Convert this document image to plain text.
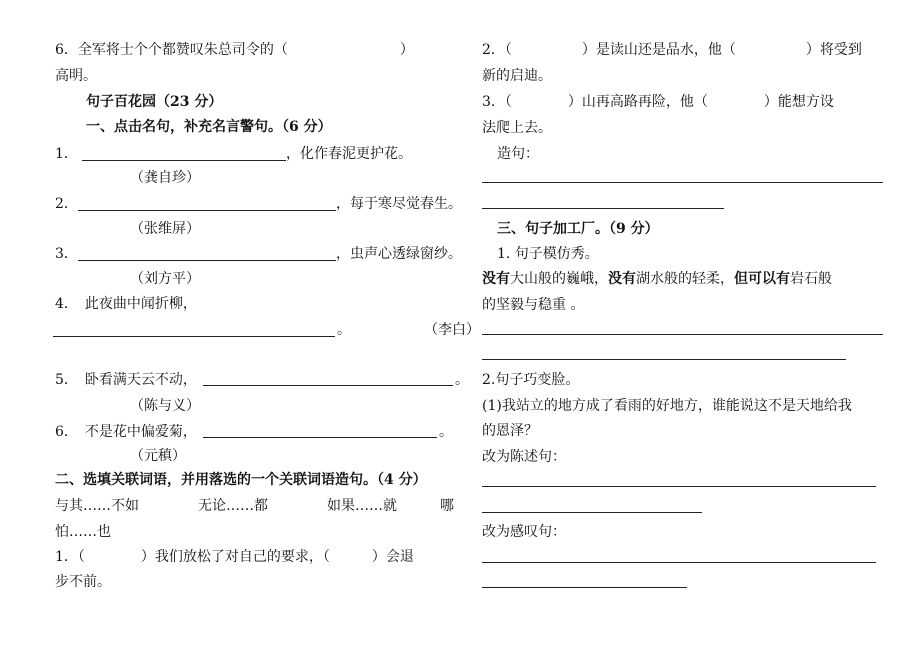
6．全军将士个个都赞叹朱总司令的（　　　　　　　　）
高明。
句子百花园（23 分）
一、点击名句，补充名言警句。（6 分）
1．	，化作春泥更护花。
（龚自珍）
2．	，每于寒尽觉春生。
（张维屏）
3．	，虫声心透绿窗纱。
（刘方平）
4．　此夜曲中闻折柳，
。	（李白）
5．　卧看满天云不动，	。
（陈与义）
6．　不是花中偏爱菊，	。
（元稹）
二、选填关联词语，并用落选的一个关联词语造句。（4 分）
与其……不如	无论……都	如果……就	哪
怕……也
1．（　　　　）我们放松了对自己的要求，（　　　）会退
步不前。
2．（　　　　　）是读山还是品水，他（　　　　　）将受到
新的启迪。
3．（　　　　）山再高路再险，他（　　　　）能想方设
法爬上去。
造句：
三、句子加工厂。（9 分）
1. 句子模仿秀。
没有大山般的巍峨，没有湖水般的轻柔，但可以有岩石般
的坚毅与稳重 。
2.句子巧变脸。
(1)我站立的地方成了看雨的好地方，谁能说这不是天地给我
的恩泽？
改为陈述句：
改为感叹句：
